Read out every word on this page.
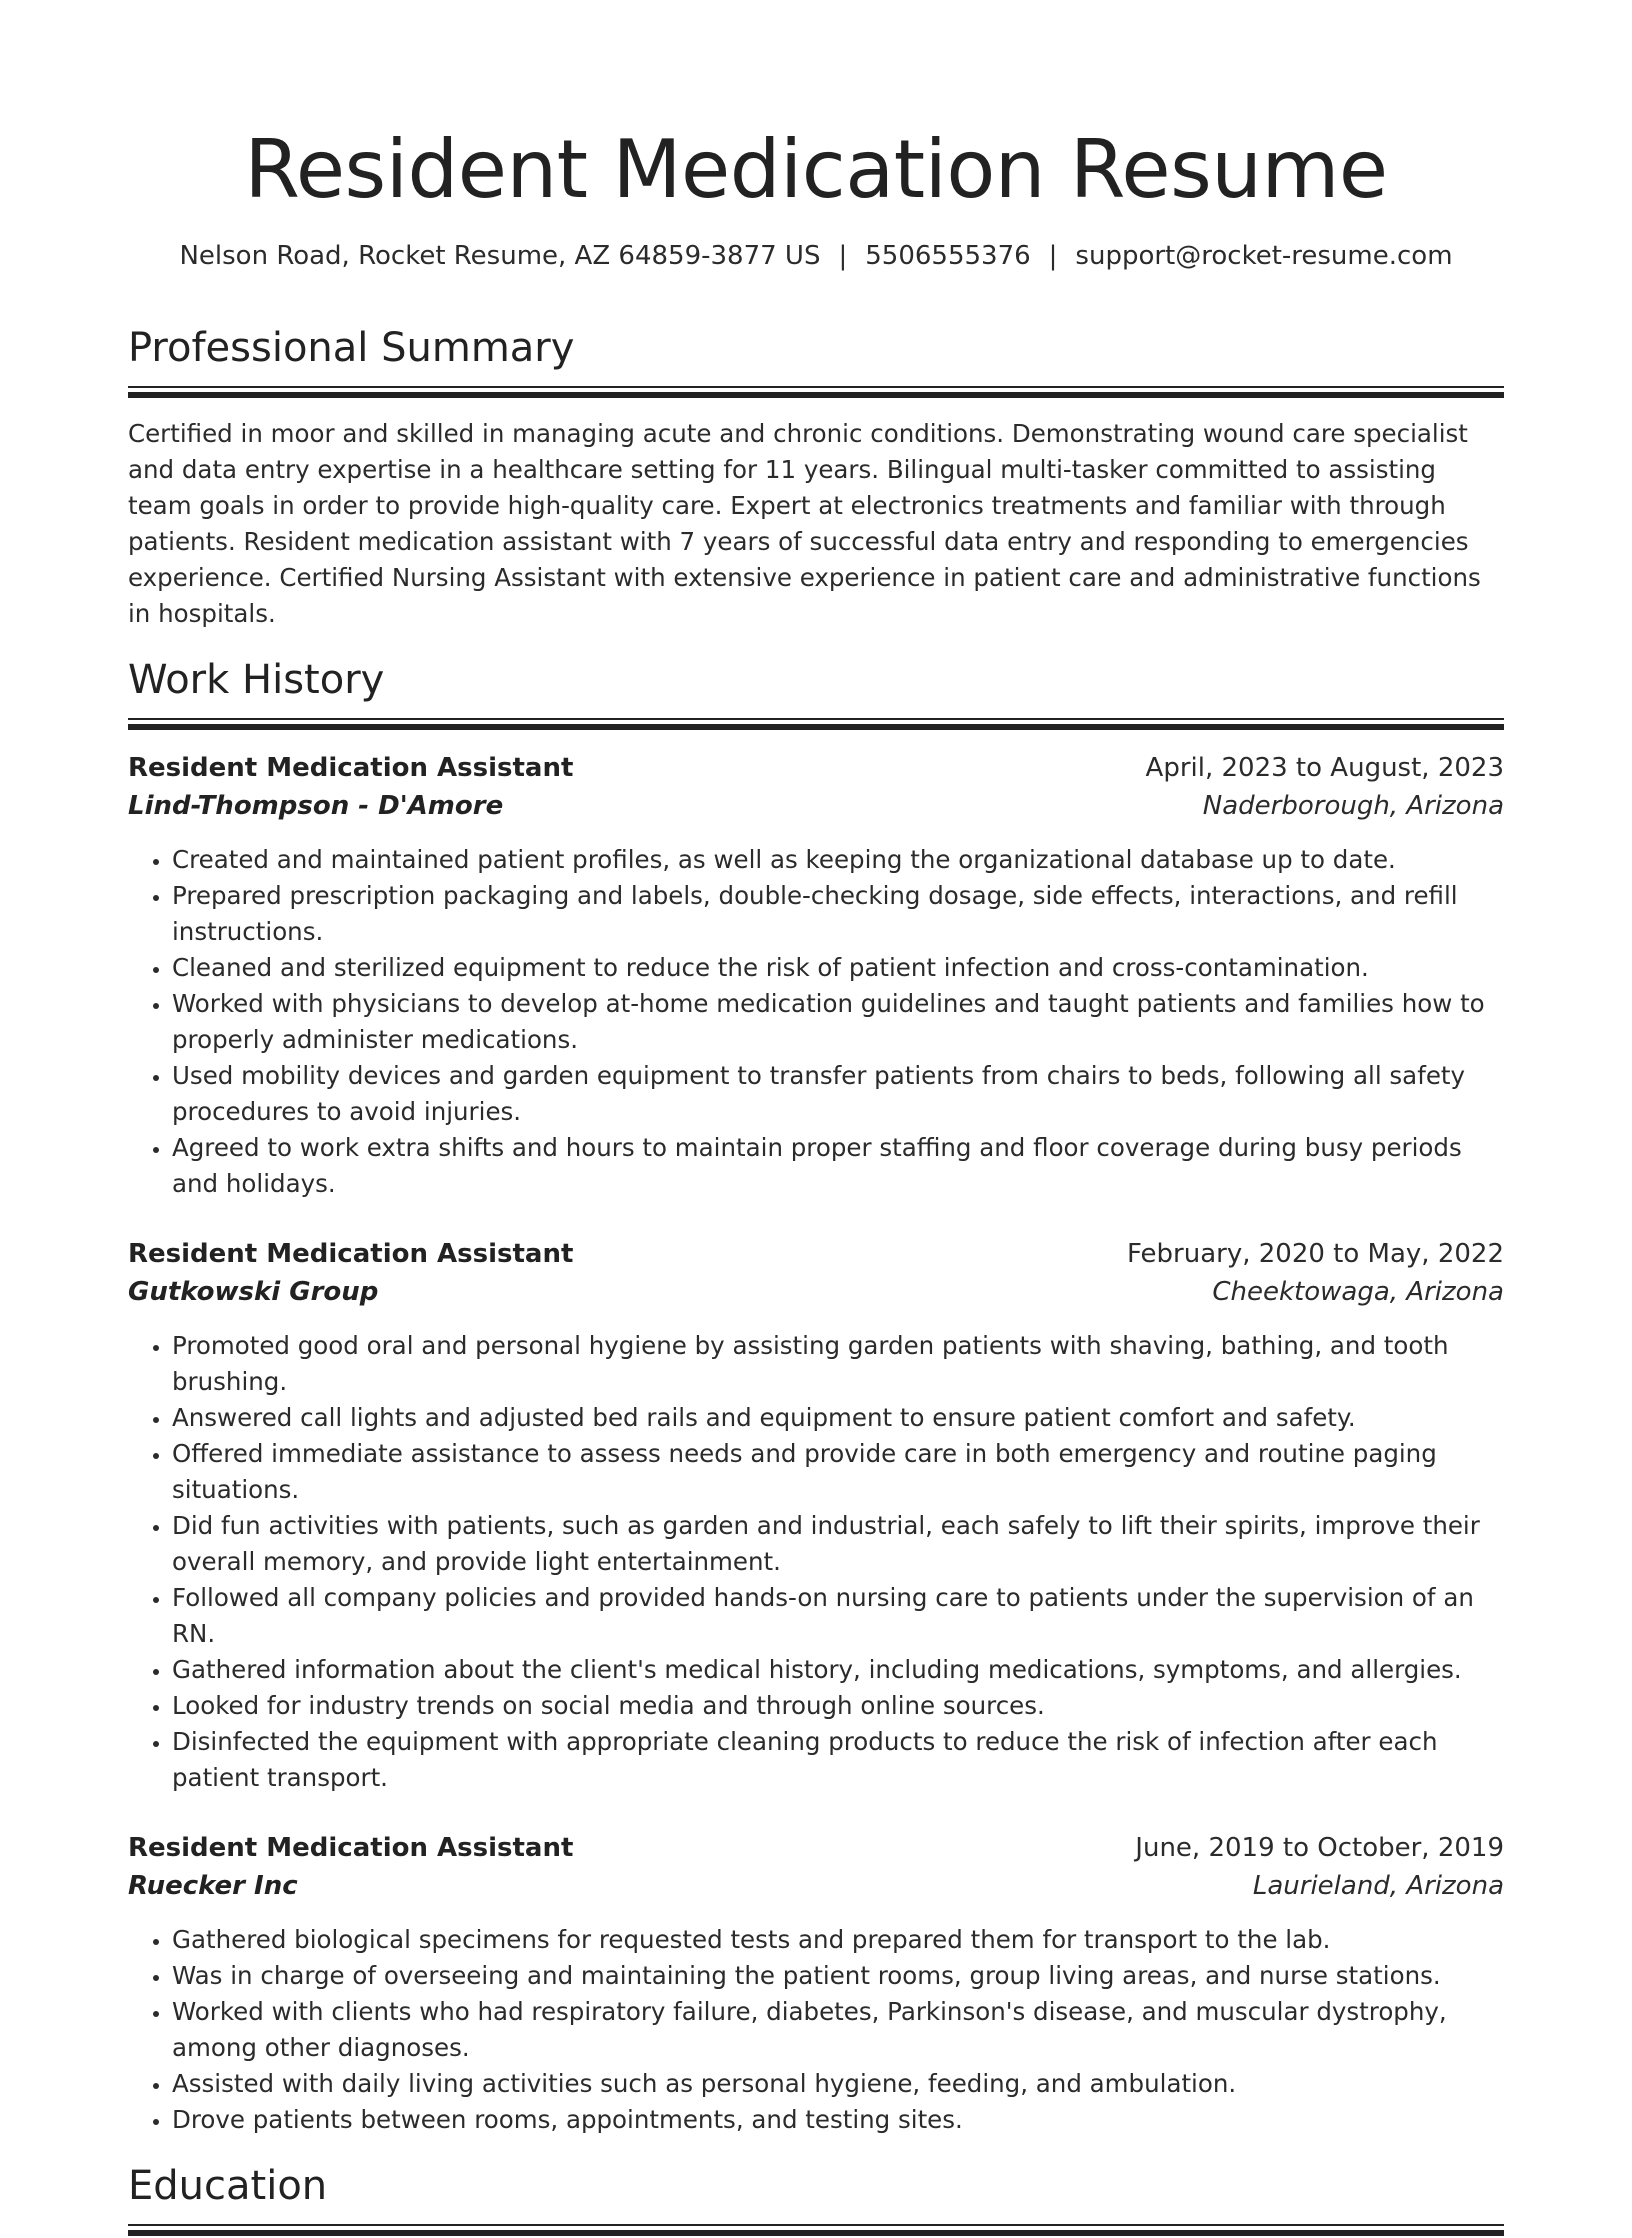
Resident Medication Resume
Nelson Road, Rocket Resume, AZ 64859-3877 US | 5506555376 | support@rocket-resume.com
Professional Summary
Certified in moor and skilled in managing acute and chronic conditions. Demonstrating wound care specialist and data entry expertise in a healthcare setting for 11 years. Bilingual multi-tasker committed to assisting team goals in order to provide high-quality care. Expert at electronics treatments and familiar with through patients. Resident medication assistant with 7 years of successful data entry and responding to emergencies experience. Certified Nursing Assistant with extensive experience in patient care and administrative functions in hospitals.
Work History
Resident Medication Assistant	April, 2023 to August, 2023
Lind-Thompson - D'Amore	Naderborough, Arizona
• Created and maintained patient profiles, as well as keeping the organizational database up to date.
• Prepared prescription packaging and labels, double-checking dosage, side effects, interactions, and refill instructions.
• Cleaned and sterilized equipment to reduce the risk of patient infection and cross-contamination.
• Worked with physicians to develop at-home medication guidelines and taught patients and families how to properly administer medications.
• Used mobility devices and garden equipment to transfer patients from chairs to beds, following all safety procedures to avoid injuries.
• Agreed to work extra shifts and hours to maintain proper staffing and floor coverage during busy periods and holidays.
Resident Medication Assistant	February, 2020 to May, 2022
Gutkowski Group	Cheektowaga, Arizona
• Promoted good oral and personal hygiene by assisting garden patients with shaving, bathing, and tooth brushing.
• Answered call lights and adjusted bed rails and equipment to ensure patient comfort and safety.
• Offered immediate assistance to assess needs and provide care in both emergency and routine paging situations.
• Did fun activities with patients, such as garden and industrial, each safely to lift their spirits, improve their overall memory, and provide light entertainment.
• Followed all company policies and provided hands-on nursing care to patients under the supervision of an RN.
• Gathered information about the client's medical history, including medications, symptoms, and allergies.
• Looked for industry trends on social media and through online sources.
• Disinfected the equipment with appropriate cleaning products to reduce the risk of infection after each patient transport.
Resident Medication Assistant	June, 2019 to October, 2019
Ruecker Inc	Laurieland, Arizona
• Gathered biological specimens for requested tests and prepared them for transport to the lab.
• Was in charge of overseeing and maintaining the patient rooms, group living areas, and nurse stations.
• Worked with clients who had respiratory failure, diabetes, Parkinson's disease, and muscular dystrophy, among other diagnoses.
• Assisted with daily living activities such as personal hygiene, feeding, and ambulation.
• Drove patients between rooms, appointments, and testing sites.
Education
